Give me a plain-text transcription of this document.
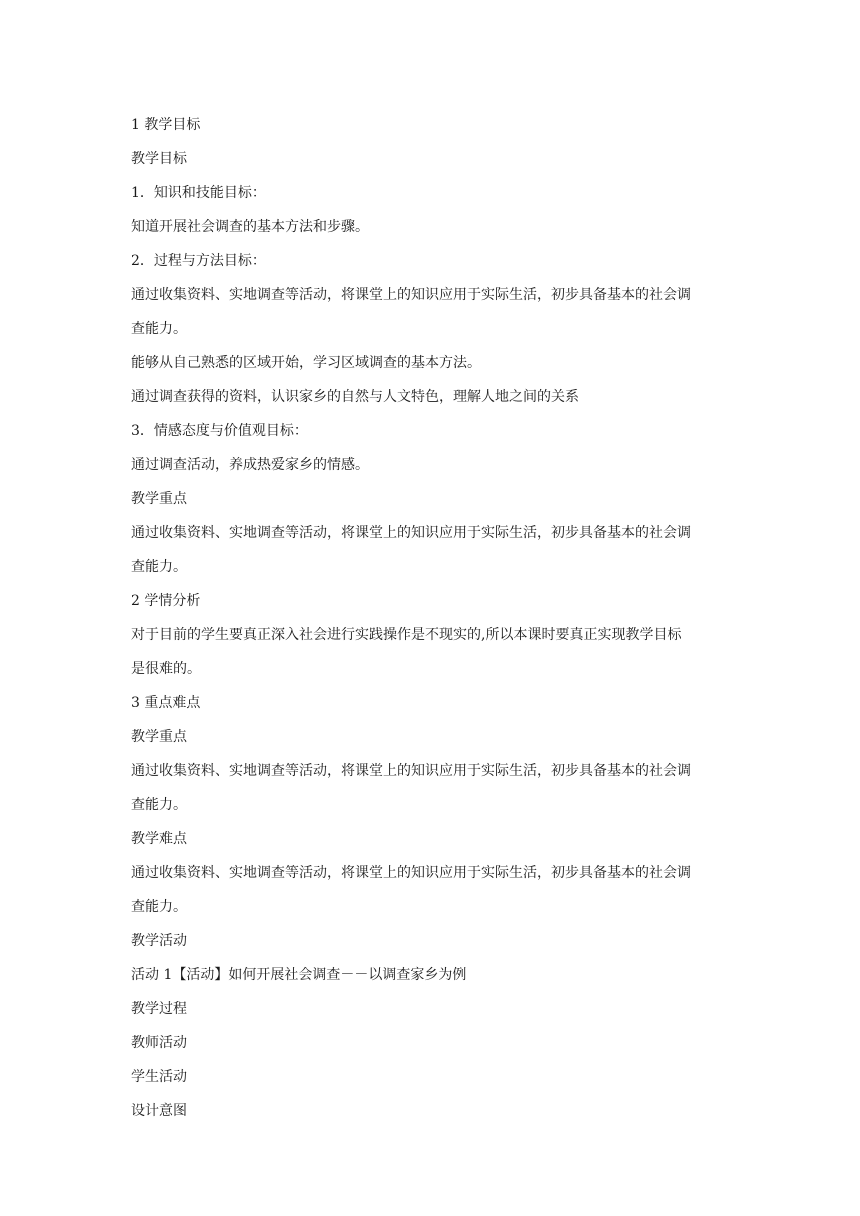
1 教学目标
教学目标
1．知识和技能目标：
知道开展社会调查的基本方法和步骤。
2．过程与方法目标：
通过收集资料、实地调查等活动，将课堂上的知识应用于实际生活，初步具备基本的社会调
查能力。
能够从自己熟悉的区域开始，学习区域调查的基本方法。
通过调查获得的资料，认识家乡的自然与人文特色，理解人地之间的关系
3．情感态度与价值观目标：
通过调查活动，养成热爱家乡的情感。
教学重点
通过收集资料、实地调查等活动，将课堂上的知识应用于实际生活，初步具备基本的社会调
查能力。
2 学情分析
对于目前的学生要真正深入社会进行实践操作是不现实的,所以本课时要真正实现教学目标
是很难的。
3 重点难点
教学重点
通过收集资料、实地调查等活动，将课堂上的知识应用于实际生活，初步具备基本的社会调
查能力。
教学难点
通过收集资料、实地调查等活动，将课堂上的知识应用于实际生活，初步具备基本的社会调
查能力。
教学活动
活动 1【活动】如何开展社会调查－－以调查家乡为例
教学过程
教师活动
学生活动
设计意图
